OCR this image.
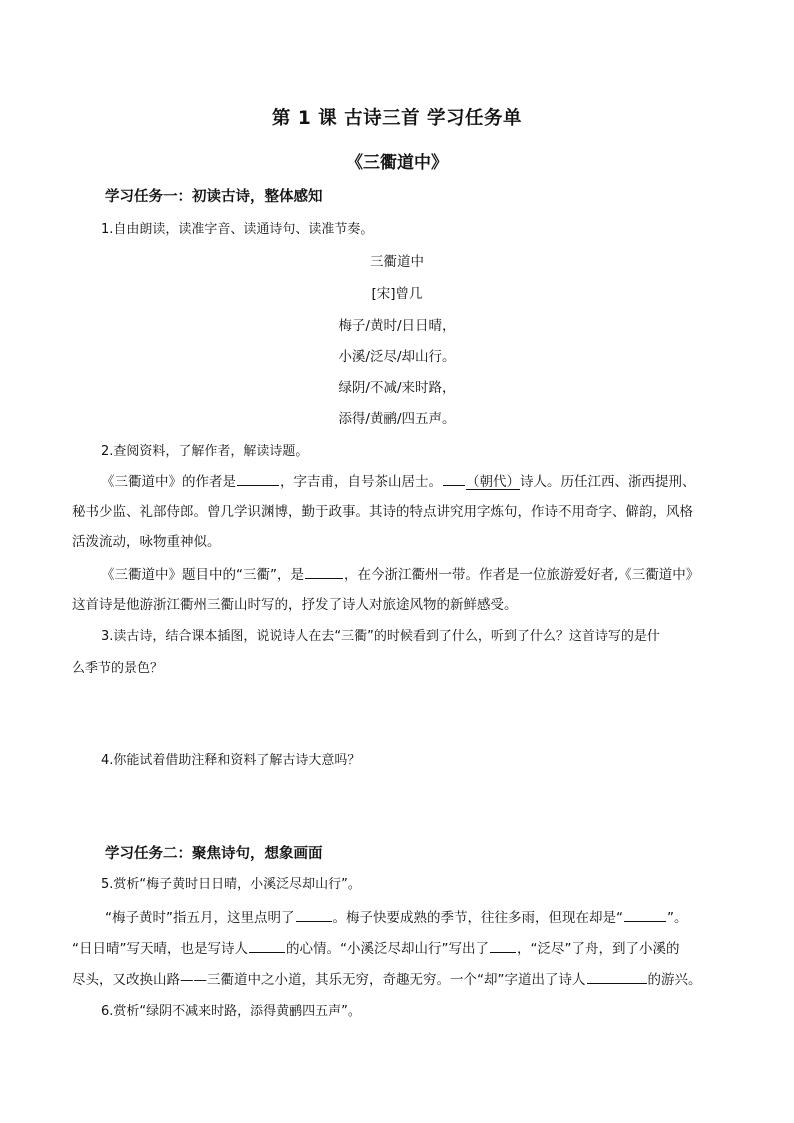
第 1 课 古诗三首 学习任务单
《三衢道中》
学习任务一：初读古诗，整体感知
1.自由朗读，读准字音、读通诗句、读准节奏。
三衢道中
[宋]曾几
梅子/黄时/日日晴，
小溪/泛尽/却山行。
绿阴/不减/来时路，
添得/黄鹂/四五声。
2.查阅资料，了解作者，解读诗题。
《三衢道中》的作者是	，字吉甫，自号茶山居士。 （朝代）诗人。历任江西、浙西提刑、
秘书少监、礼部侍郎。曾几学识渊博，勤于政事。其诗的特点讲究用字炼句，作诗不用奇字、僻韵，风格
活泼流动，咏物重神似。
《三衢道中》题目中的“三衢”，是	，在今浙江衢州一带。作者是一位旅游爱好者,《三衢道中》
这首诗是他游浙江衢州三衢山时写的，抒发了诗人对旅途风物的新鲜感受。
3.读古诗，结合课本插图，说说诗人在去“三衢”的时候看到了什么，听到了什么？这首诗写的是什
么季节的景色？
4.你能试着借助注释和资料了解古诗大意吗？
学习任务二：聚焦诗句，想象画面
5.赏析“梅子黄时日日晴，小溪泛尽却山行”。
“梅子黄时”指五月，这里点明了	。梅子快要成熟的季节，往往多雨，但现在却是“	”。
“日日晴”写天晴，也是写诗人	的心情。“小溪泛尽却山行”写出了 ，“泛尽”了舟，到了小溪的
尽头，又改换山路——三衢道中之小道，其乐无穷，奇趣无穷。一个“却”字道出了诗人	的游兴。
6.赏析“绿阴不减来时路，添得黄鹂四五声”。
